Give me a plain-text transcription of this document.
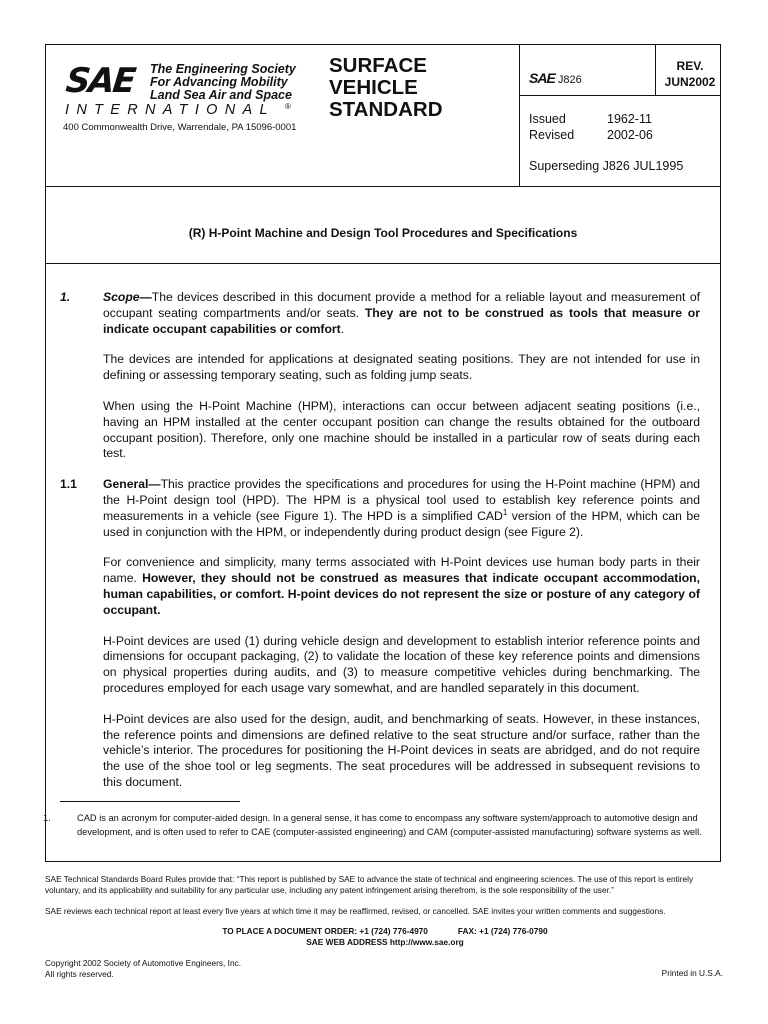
SAE The Engineering Society
For Advancing Mobility
Land Sea Air and Space
INTERNATIONAL ®
400 Commonwealth Drive, Warrendale, PA 15096-0001
SURFACE
VEHICLE
STANDARD
SAE J826
REV.
JUN2002
Issued	1962-11
Revised	2002-06
Superseding J826 JUL1995
(R) H-Point Machine and Design Tool Procedures and Specifications
1.	Scope—The devices described in this document provide a method for a reliable layout and measurement of occupant seating compartments and/or seats. They are not to be construed as tools that measure or indicate occupant capabilities or comfort.
The devices are intended for applications at designated seating positions. They are not intended for use in defining or assessing temporary seating, such as folding jump seats.
When using the H-Point Machine (HPM), interactions can occur between adjacent seating positions (i.e., having an HPM installed at the center occupant position can change the results obtained for the outboard occupant position). Therefore, only one machine should be installed in a particular row of seats during each test.
1.1 General—This practice provides the specifications and procedures for using the H-Point machine (HPM) and the H-Point design tool (HPD). The HPM is a physical tool used to establish key reference points and measurements in a vehicle (see Figure 1). The HPD is a simplified CAD$^1$ version of the HPM, which can be used in conjunction with the HPM, or independently during product design (see Figure 2).
For convenience and simplicity, many terms associated with H-Point devices use human body parts in their name. However, they should not be construed as measures that indicate occupant accommodation, human capabilities, or comfort. H-point devices do not represent the size or posture of any category of occupant.
H-Point devices are used (1) during vehicle design and development to establish interior reference points and dimensions for occupant packaging, (2) to validate the location of these key reference points and dimensions on physical properties during audits, and (3) to measure competitive vehicles during benchmarking. The procedures employed for each usage vary somewhat, and are handled separately in this document.
H-Point devices are also used for the design, audit, and benchmarking of seats. However, in these instances, the reference points and dimensions are defined relative to the seat structure and/or surface, rather than the vehicle’s interior. The procedures for positioning the H-Point devices in seats are abridged, and do not require the use of the shoe tool or leg segments. The seat procedures will be addressed in subsequent revisions to this document.
1.	CAD is an acronym for computer-aided design. In a general sense, it has come to encompass any software system/approach to automotive design and development, and is often used to refer to CAE (computer-assisted engineering) and CAM (computer-assisted manufacturing) software systems as well.
SAE Technical Standards Board Rules provide that: “This report is published by SAE to advance the state of technical and engineering sciences. The use of this report is entirely voluntary, and its applicability and suitability for any particular use, including any patent infringement arising therefrom, is the sole responsibility of the user.”
SAE reviews each technical report at least every five years at which time it may be reaffirmed, revised, or cancelled. SAE invites your written comments and suggestions.
TO PLACE A DOCUMENT ORDER: +1 (724) 776-4970	FAX: +1 (724) 776-0790
SAE WEB ADDRESS http://www.sae.org
Copyright 2002 Society of Automotive Engineers, Inc.
All rights reserved.	Printed in U.S.A.
